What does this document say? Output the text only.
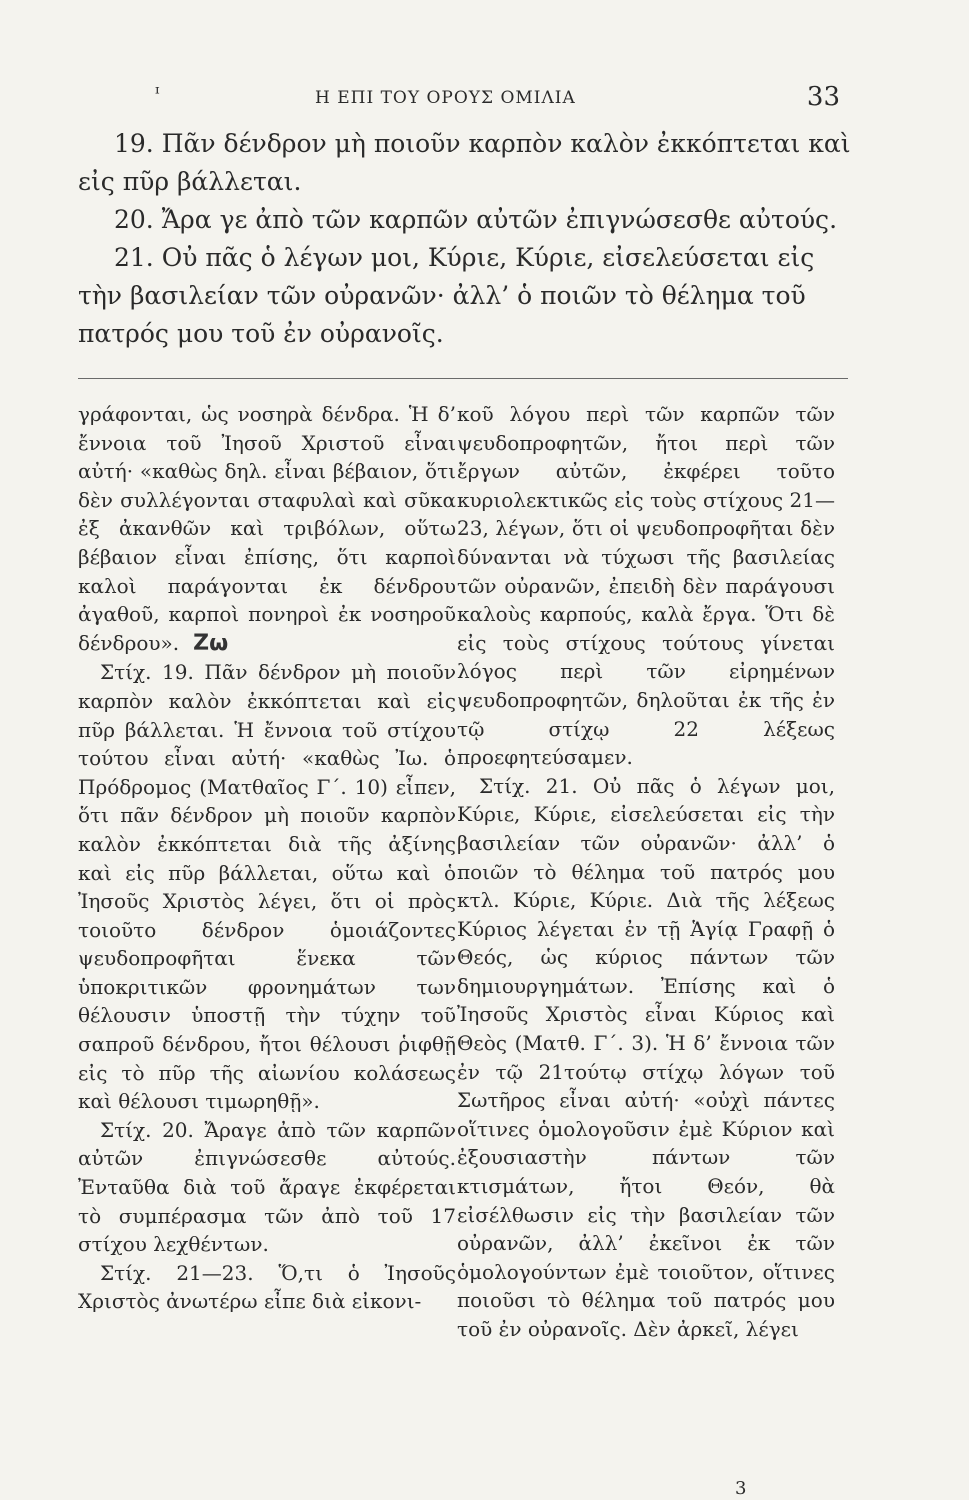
ᶦ	Η ΕΠΙ ΤΟΥ ΟΡΟΥΣ ΟΜΙΛΙΑ	33

19. Πᾶν δένδρον μὴ ποιοῦν καρπὸν καλὸν ἐκκόπτεται καὶ εἰς πῦρ βάλλεται.

20. Ἄρα γε ἀπὸ τῶν καρπῶν αὐτῶν ἐπιγνώσεσθε αὐτούς.

21. Οὐ πᾶς ὁ λέγων μοι, Κύριε, Κύριε, εἰσελεύσεται εἰς τὴν βασιλείαν τῶν οὐρανῶν· ἀλλ’ ὁ ποιῶν τὸ θέλημα τοῦ πατρός μου τοῦ ἐν οὐρανοῖς.

γράφονται, ὡς νοσηρὰ δένδρα. Ἡ δ’ ἔννοια τοῦ Ἰησοῦ Χριστοῦ εἶναι αὐτή· «καθὼς δηλ. εἶναι βέβαιον, ὅτι δὲν συλλέγονται σταφυλαὶ καὶ σῦκα ἐξ ἀκανθῶν καὶ τριβόλων, οὕτω βέβαιον εἶναι ἐπίσης, ὅτι καρποὶ καλοὶ παράγονται ἐκ δένδρου ἀγαθοῦ, καρποὶ πονηροὶ ἐκ νοσηροῦ δένδρου». Ζω

Στίχ. 19. Πᾶν δένδρον μὴ ποιοῦν καρπὸν καλὸν ἐκκόπτεται καὶ εἰς πῦρ βάλλεται. Ἡ ἔννοια τοῦ στίχου τούτου εἶναι αὐτή· «καθὼς Ἰω. ὁ Πρόδρομος (Ματθαῖος Γ΄. 10) εἶπεν, ὅτι πᾶν δένδρον μὴ ποιοῦν καρπὸν καλὸν ἐκκόπτεται διὰ τῆς ἀξίνης καὶ εἰς πῦρ βάλλεται, οὕτω καὶ ὁ Ἰησοῦς Χριστὸς λέγει, ὅτι οἱ πρὸς τοιοῦτο δένδρον ὁμοιάζοντες ψευδοπροφῆται ἕνεκα τῶν ὑποκριτικῶν φρονημάτων των θέλουσιν ὑποστῇ τὴν τύχην τοῦ σαπροῦ δένδρου, ἤτοι θέλουσι ῥιφθῇ εἰς τὸ πῦρ τῆς αἰωνίου κολάσεως καὶ θέλουσι τιμωρηθῇ».

Στίχ. 20. Ἄραγε ἀπὸ τῶν καρπῶν αὐτῶν ἐπιγνώσεσθε αὐτούς. Ἐνταῦθα διὰ τοῦ ἄραγε ἐκφέρεται τὸ συμπέρασμα τῶν ἀπὸ τοῦ 17 στίχου λεχθέντων.

Στίχ. 21—23. Ὅ,τι ὁ Ἰησοῦς Χριστὸς ἀνωτέρω εἶπε διὰ εἰκονι-

κοῦ λόγου περὶ τῶν καρπῶν τῶν ψευδοπροφητῶν, ἤτοι περὶ τῶν ἔργων αὐτῶν, ἐκφέρει τοῦτο κυριολεκτικῶς εἰς τοὺς στίχους 21—23, λέγων, ὅτι οἱ ψευδοπροφῆται δὲν δύνανται νὰ τύχωσι τῆς βασιλείας τῶν οὐρανῶν, ἐπειδὴ δὲν παράγουσι καλοὺς καρπούς, καλὰ ἔργα. Ὅτι δὲ εἰς τοὺς στίχους τούτους γίνεται λόγος περὶ τῶν εἰρημένων ψευδοπροφητῶν, δηλοῦται ἐκ τῆς ἐν τῷ στίχῳ 22 λέξεως προεφητεύσαμεν.

Στίχ. 21. Οὐ πᾶς ὁ λέγων μοι, Κύριε, Κύριε, εἰσελεύσεται εἰς τὴν βασιλείαν τῶν οὐρανῶν· ἀλλ’ ὁ ποιῶν τὸ θέλημα τοῦ πατρός μου κτλ. Κύριε, Κύριε. Διὰ τῆς λέξεως Κύριος λέγεται ἐν τῇ Ἁγίᾳ Γραφῇ ὁ Θεός, ὡς κύριος πάντων τῶν δημιουργημάτων. Ἐπίσης καὶ ὁ Ἰησοῦς Χριστὸς εἶναι Κύριος καὶ Θεὸς (Ματθ. Γ΄. 3). Ἡ δ’ ἔννοια τῶν ἐν τῷ 21τούτῳ στίχῳ λόγων τοῦ Σωτῆρος εἶναι αὐτή· «οὐχὶ πάντες οἵτινες ὁμολογοῦσιν ἐμὲ Κύριον καὶ ἐξουσιαστὴν πάντων τῶν κτισμάτων, ἤτοι Θεόν, θὰ εἰσέλθωσιν εἰς τὴν βασιλείαν τῶν οὐρανῶν, ἀλλ’ ἐκεῖνοι ἐκ τῶν ὁμολογούντων ἐμὲ τοιοῦτον, οἵτινες ποιοῦσι τὸ θέλημα τοῦ πατρός μου τοῦ ἐν οὐρανοῖς. Δὲν ἀρκεῖ, λέγει

3
